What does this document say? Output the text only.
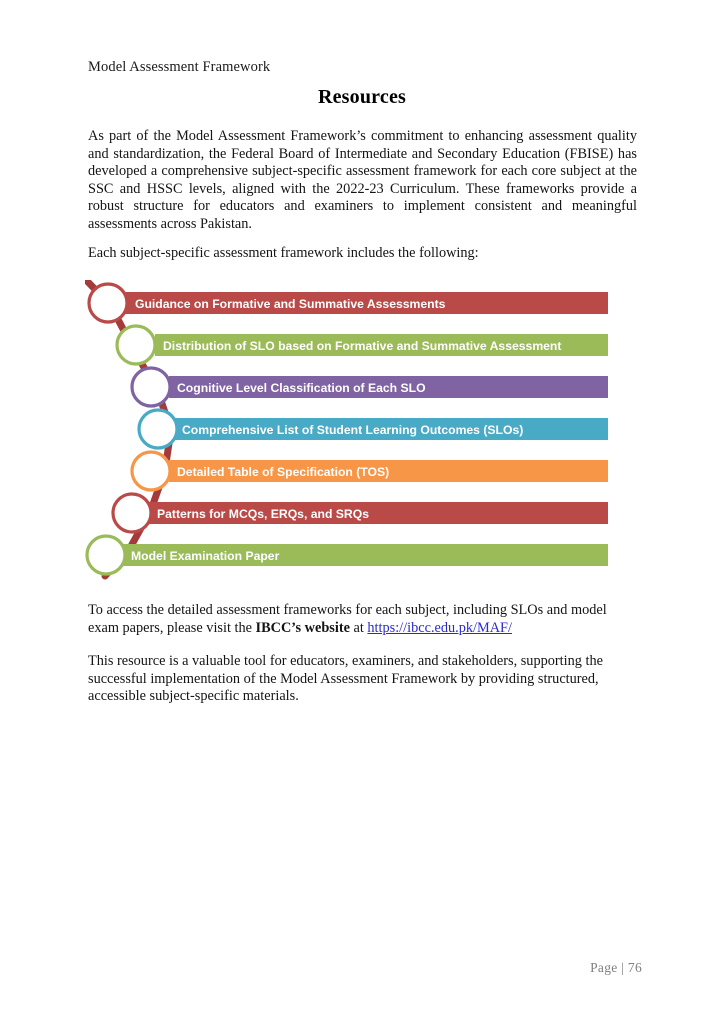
Model Assessment Framework
Resources

As part of the Model Assessment Framework’s commitment to enhancing assessment quality and standardization, the Federal Board of Intermediate and Secondary Education (FBISE) has developed a comprehensive subject-specific assessment framework for each core subject at the SSC and HSSC levels, aligned with the 2022-23 Curriculum. These frameworks provide a robust structure for educators and examiners to implement consistent and meaningful assessments across Pakistan.

Each subject-specific assessment framework includes the following:

Guidance on Formative and Summative Assessments
Distribution of SLO based on Formative and Summative Assessment
Cognitive Level Classification of Each SLO
Comprehensive List of Student Learning Outcomes (SLOs)
Detailed Table of Specification (TOS)
Patterns for MCQs, ERQs, and SRQs
Model Examination Paper

To access the detailed assessment frameworks for each subject, including SLOs and model exam papers, please visit the IBCC’s website at https://ibcc.edu.pk/MAF/

This resource is a valuable tool for educators, examiners, and stakeholders, supporting the successful implementation of the Model Assessment Framework by providing structured, accessible subject-specific materials.

Page | 76
